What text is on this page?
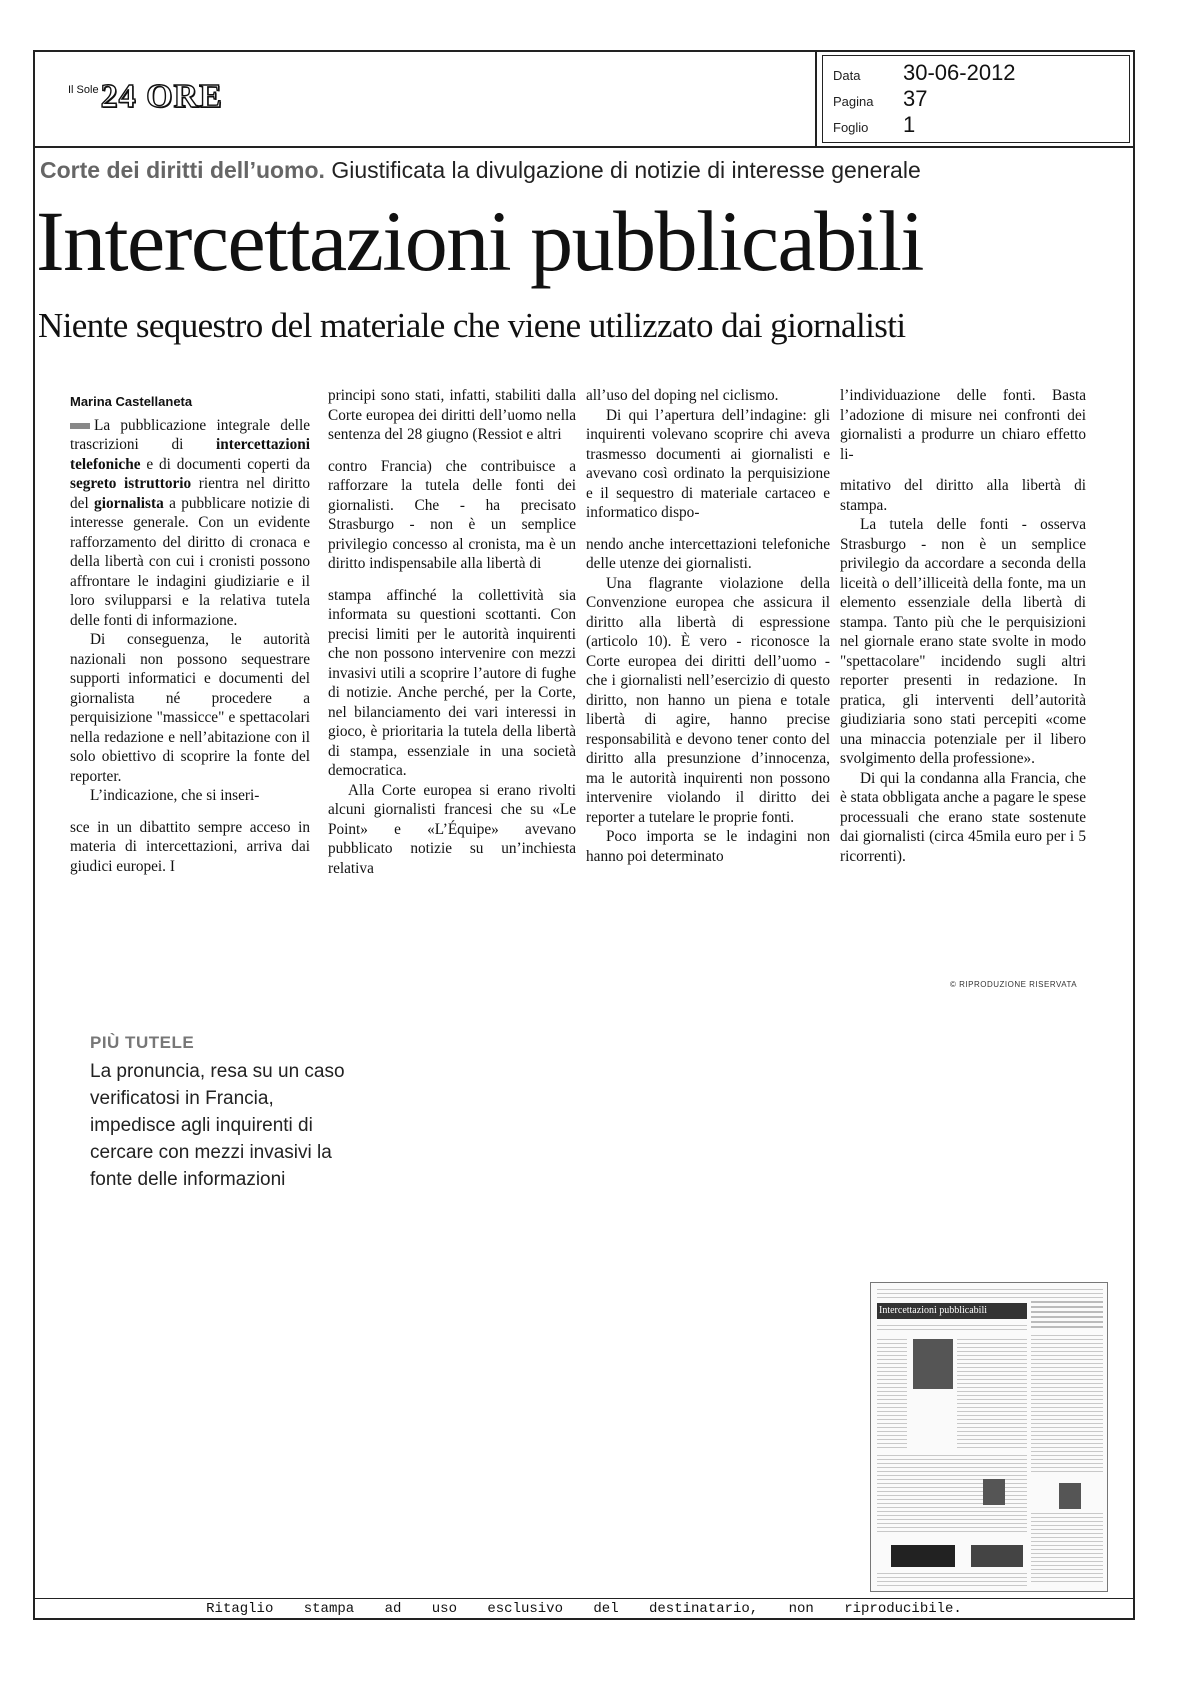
Il Sole 24 ORE
Data	30-06-2012
Pagina	37
Foglio	1
Corte dei diritti dell’uomo. Giustificata la divulgazione di notizie di interesse generale
Intercettazioni pubblicabili
Niente sequestro del materiale che viene utilizzato dai giornalisti
Marina Castellaneta

La pubblicazione integrale delle trascrizioni di intercettazioni telefoniche e di documenti coperti da segreto istruttorio rientra nel diritto del giornalista a pubblicare notizie di interesse generale. Con un evidente rafforzamento del diritto di cronaca e della libertà con cui i cronisti possono affrontare le indagini giudiziarie e il loro svilupparsi e la relativa tutela delle fonti di informazione.

Di conseguenza, le autorità nazionali non possono sequestrare supporti informatici e documenti del giornalista né procedere a perquisizione "massicce" e spettacolari nella redazione e nell’abitazione con il solo obiettivo di scoprire la fonte del reporter.

L’indicazione, che si inseri-
sce in un dibattito sempre acceso in materia di intercettazioni, arriva dai giudici europei. I

principi sono stati, infatti, stabiliti dalla Corte europea dei diritti dell’uomo nella sentenza del 28 giugno (Ressiot e altri
contro Francia) che contribuisce a rafforzare la tutela delle fonti dei giornalisti. Che - ha precisato Strasburgo - non è un semplice privilegio concesso al cronista, ma è un diritto indispensabile alla libertà di
stampa affinché la collettività sia informata su questioni scottanti. Con precisi limiti per le autorità inquirenti che non possono intervenire con mezzi invasivi utili a scoprire l’autore di fughe di notizie. Anche perché, per la Corte, nel bilanciamento dei vari interessi in gioco, è prioritaria la tutela della libertà di stampa, essenziale in una società democratica.

Alla Corte europea si erano rivolti alcuni giornalisti francesi che su «Le Point» e «L’Équipe» avevano pubblicato notizie su un’inchiesta relativa

all’uso del doping nel ciclismo.

Di qui l’apertura dell’indagine: gli inquirenti volevano scoprire chi aveva trasmesso documenti ai giornalisti e avevano così ordinato la perquisizione e il sequestro di materiale cartaceo e informatico dispo-
nendo anche intercettazioni telefoniche delle utenze dei giornalisti.

Una flagrante violazione della Convenzione europea che assicura il diritto alla libertà di espressione (articolo 10). È vero - riconosce la Corte europea dei diritti dell’uomo - che i giornalisti nell’esercizio di questo diritto, non hanno un piena e totale libertà di agire, hanno precise responsabilità e devono tener conto del diritto alla presunzione d’innocenza, ma le autorità inquirenti non possono intervenire violando il diritto dei reporter a tutelare le proprie fonti.

Poco importa se le indagini non hanno poi determinato

l’individuazione delle fonti. Basta l’adozione di misure nei confronti dei giornalisti a produrre un chiaro effetto li-
mitativo del diritto alla libertà di stampa.

La tutela delle fonti - osserva Strasburgo - non è un semplice privilegio da accordare a seconda della liceità o dell’illiceità della fonte, ma un elemento essenziale della libertà di stampa. Tanto più che le perquisizioni nel giornale erano state svolte in modo "spettacolare" incidendo sugli altri reporter presenti in redazione. In pratica, gli interventi dell’autorità giudiziaria sono stati percepiti «come una minaccia potenziale per il libero svolgimento della professione».

Di qui la condanna alla Francia, che è stata obbligata anche a pagare le spese processuali che erano state sostenute dai giornalisti (circa 45mila euro per i 5 ricorrenti).

© RIPRODUZIONE RISERVATA
PIÙ TUTELE
La pronuncia, resa su un caso verificatosi in Francia, impedisce agli inquirenti di cercare con mezzi invasivi la fonte delle informazioni
Intercettazioni pubblicabili
Ritaglio stampa ad uso esclusivo del destinatario, non riproducibile.
